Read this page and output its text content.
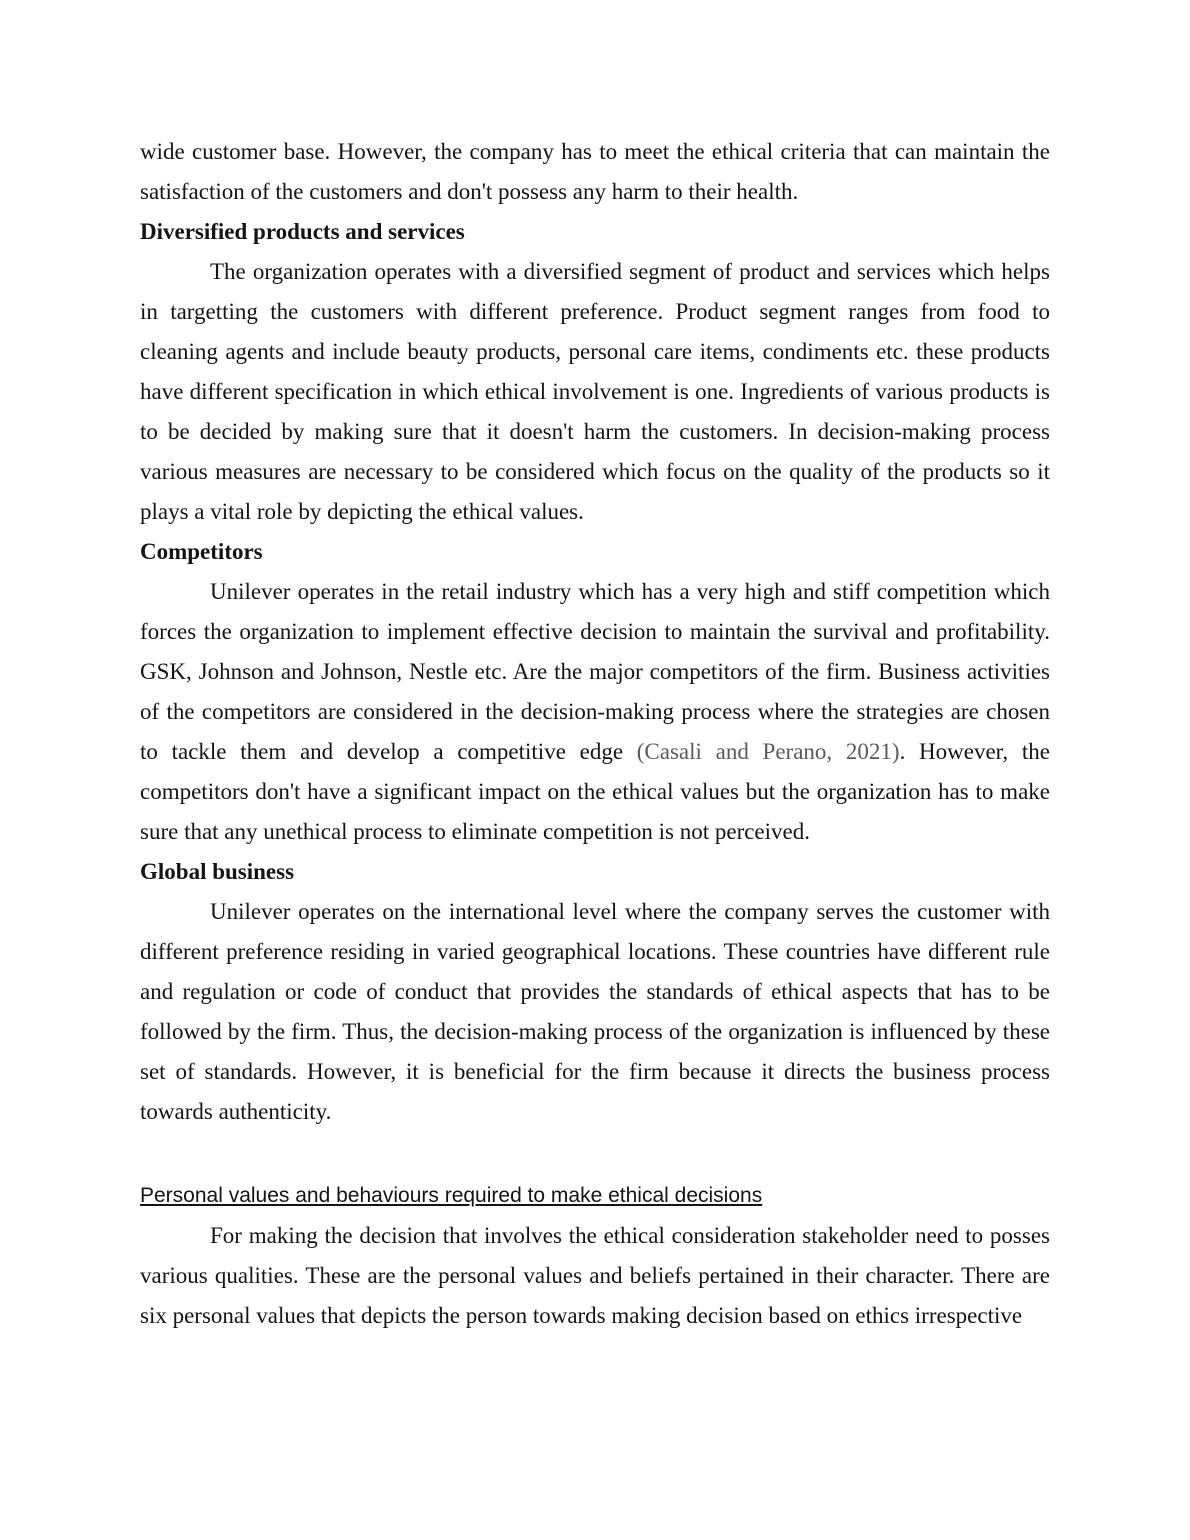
wide customer base. However, the company has to meet the ethical criteria that can maintain the satisfaction of the customers and don't possess any harm to their health.

Diversified products and services

The organization operates with a diversified segment of product and services which helps in targetting the customers with different preference. Product segment ranges from food to cleaning agents and include beauty products, personal care items, condiments etc. these products have different specification in which ethical involvement is one. Ingredients of various products is to be decided by making sure that it doesn't harm the customers. In decision-making process various measures are necessary to be considered which focus on the quality of the products so it plays a vital role by depicting the ethical values.

Competitors

Unilever operates in the retail industry which has a very high and stiff competition which forces the organization to implement effective decision to maintain the survival and profitability. GSK, Johnson and Johnson, Nestle etc. Are the major competitors of the firm. Business activities of the competitors are considered in the decision-making process where the strategies are chosen to tackle them and develop a competitive edge (Casali and Perano, 2021). However, the competitors don't have a significant impact on the ethical values but the organization has to make sure that any unethical process to eliminate competition is not perceived.

Global business

Unilever operates on the international level where the company serves the customer with different preference residing in varied geographical locations. These countries have different rule and regulation or code of conduct that provides the standards of ethical aspects that has to be followed by the firm. Thus, the decision-making process of the organization is influenced by these set of standards. However, it is beneficial for the firm because it directs the business process towards authenticity.

Personal values and behaviours required to make ethical decisions

For making the decision that involves the ethical consideration stakeholder need to posses various qualities. These are the personal values and beliefs pertained in their character. There are six personal values that depicts the person towards making decision based on ethics irrespective
